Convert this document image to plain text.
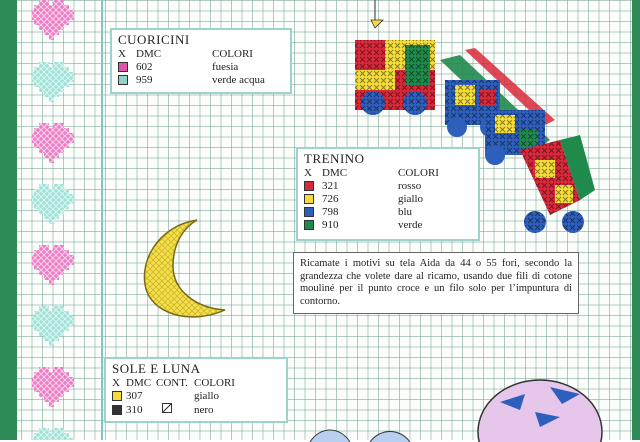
CUORICINI
X DMC	COLORI
602	fuesia
959	verde acqua
TRENINO
X DMC	COLORI
321	rosso
726	giallo
798	blu
910	verde
Ricamate i motivi su tela Aida da 44 o 55 fori, secondo la grandezza che volete dare al ricamo, usando due fili di cotone mouliné per il punto croce e un filo solo per l’impuntura di contorno.
SOLE E LUNA
X DMC CONT. COLORI
307	giallo
310	nero
